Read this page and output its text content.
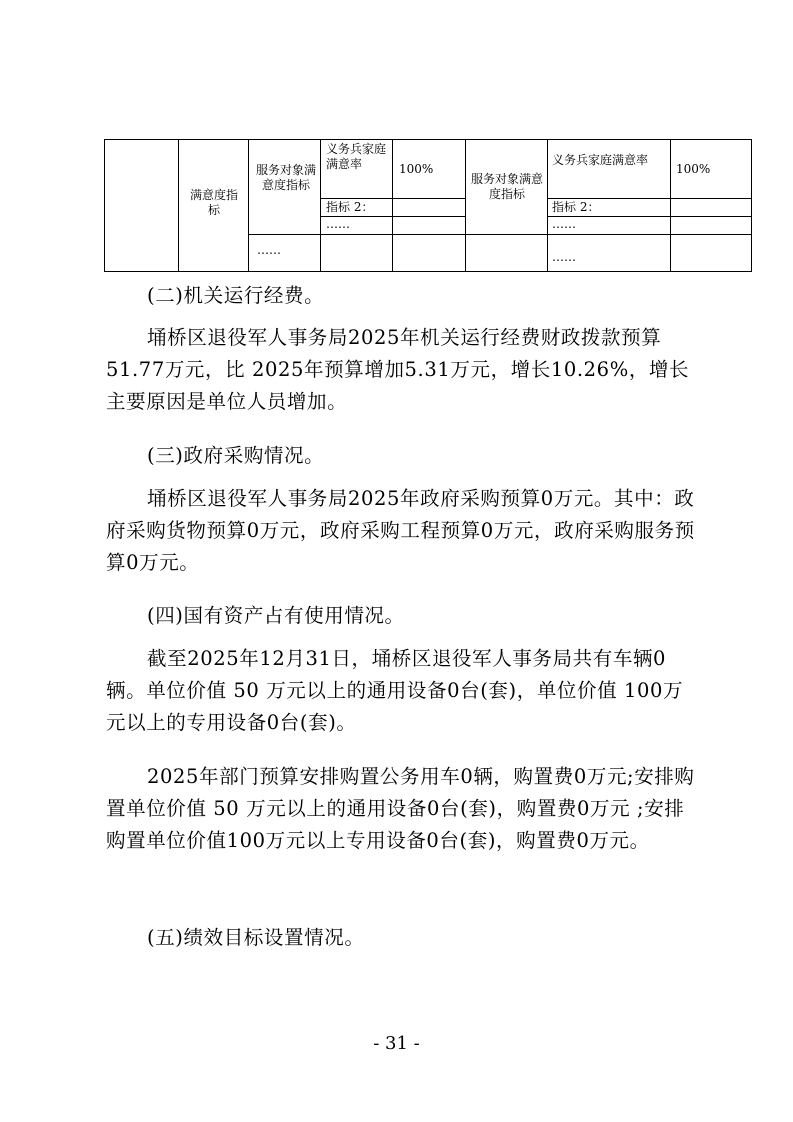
满意度指标
服务对象满意度指标
义务兵家庭满意率	100%
指标 2：
……
……
服务对象满意度指标
义务兵家庭满意率
100%
指标 2：
……
……
(二)机关运行经费。
埇桥区退役军人事务局2025年机关运行经费财政拨款预算51.77万元，比 2025年预算增加5.31万元，增长10.26%，增长主要原因是单位人员增加。
(三)政府采购情况。
埇桥区退役军人事务局2025年政府采购预算0万元。其中：政府采购货物预算0万元，政府采购工程预算0万元，政府采购服务预算0万元。
(四)国有资产占有使用情况。
截至2025年12月31日，埇桥区退役军人事务局共有车辆0辆。单位价值 50 万元以上的通用设备0台(套)，单位价值 100万元以上的专用设备0台(套)。
2025年部门预算安排购置公务用车0辆，购置费0万元;安排购置单位价值 50 万元以上的通用设备0台(套)，购置费0万元 ;安排购置单位价值100万元以上专用设备0台(套)，购置费0万元。
(五)绩效目标设置情况。
- 31 -
